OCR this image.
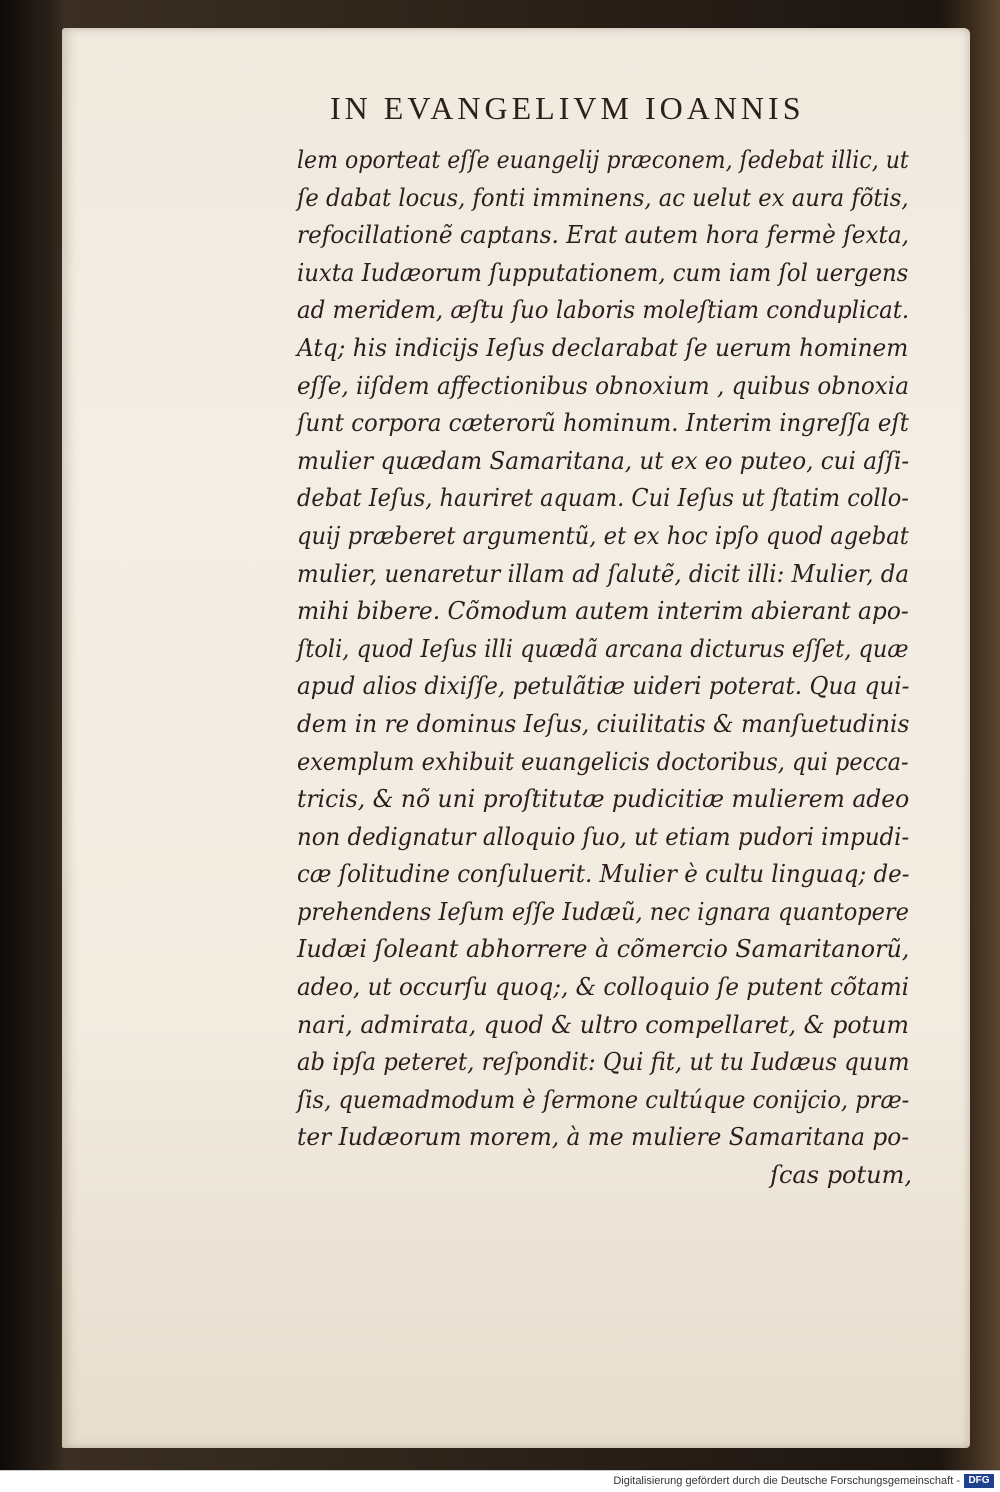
IN EVANGELIVM IOANNIS
lem oporteat eſſe euangelij præconem, ſedebat illic, ut
ſe dabat locus, fonti imminens, ac uelut ex aura fõtis,
refocillationẽ captans. Erat autem hora fermè ſexta,
iuxta Iudæorum ſupputationem, cum iam ſol uergens
ad meridem, æſtu ſuo laboris moleſtiam conduplicat.
Atq; his indicijs Ieſus declarabat ſe uerum hominem
eſſe, iiſdem affectionibus obnoxium , quibus obnoxia
ſunt corpora cæterorũ hominum. Interim ingreſſa eſt
mulier quædam Samaritana, ut ex eo puteo, cui aſſi-
debat Ieſus, hauriret aquam. Cui Ieſus ut ſtatim collo-
quij præberet argumentũ, et ex hoc ipſo quod agebat
mulier, uenaretur illam ad ſalutẽ, dicit illi: Mulier, da
mihi bibere. Cõmodum autem interim abierant apo-
ſtoli, quod Ieſus illi quædã arcana dicturus eſſet, quæ
apud alios dixiſſe, petulãtiæ uideri poterat. Qua qui-
dem in re dominus Ieſus, ciuilitatis & manſuetudinis
exemplum exhibuit euangelicis doctoribus, qui pecca-
tricis, & nõ uni proſtitutæ pudicitiæ mulierem adeo
non dedignatur alloquio ſuo, ut etiam pudori impudi-
cæ ſolitudine conſuluerit. Mulier è cultu linguaq; de-
prehendens Ieſum eſſe Iudæũ, nec ignara quantopere
Iudæi ſoleant abhorrere à cõmercio Samaritanorũ,
adeo, ut occurſu quoq;, & colloquio ſe putent cõtami
nari, admirata, quod & ultro compellaret, & potum
ab ipſa peteret, reſpondit: Qui fit, ut tu Iudæus quum
ſis, quemadmodum è ſermone cultúque conijcio, præ-
ter Iudæorum morem, à me muliere Samaritana po-
ſcas potum,
Digitalisierung gefördert durch die Deutsche Forschungsgemeinschaft - DFG
